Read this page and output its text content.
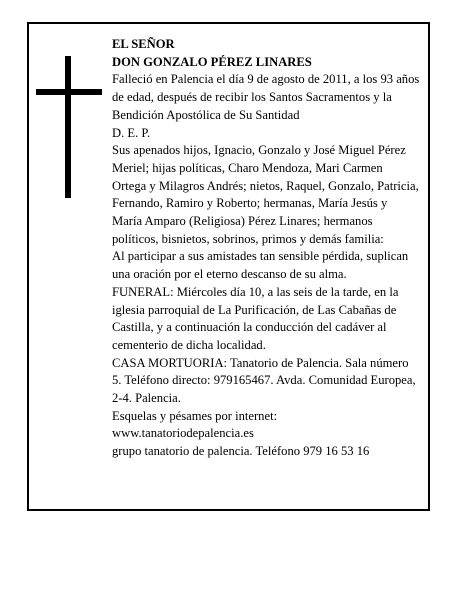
EL SEÑOR

DON GONZALO PÉREZ LINARES

Falleció en Palencia el día 9 de agosto de 2011, a los 93 años de edad, después de recibir los Santos Sacramentos y la Bendición Apostólica de Su Santidad

D. E. P.

Sus apenados hijos, Ignacio, Gonzalo y José Miguel Pérez Meriel; hijas políticas, Charo Mendoza, Mari Carmen Ortega y Milagros Andrés; nietos, Raquel, Gonzalo, Patricia, Fernando, Ramiro y Roberto; hermanas, María Jesús y María Amparo (Religiosa) Pérez Linares; hermanos políticos, bisnietos, sobrinos, primos y demás familia:

Al participar a sus amistades tan sensible pérdida, suplican una oración por el eterno descanso de su alma.

FUNERAL: Miércoles día 10, a las seis de la tarde, en la iglesia parroquial de La Purificación, de Las Cabañas de Castilla, y a continuación la conducción del cadáver al cementerio de dicha localidad.

CASA MORTUORIA: Tanatorio de Palencia. Sala número 5. Teléfono directo: 979165467. Avda. Comunidad Europea, 2-4. Palencia.

Esquelas y pésames por internet:

www.tanatoriodepalencia.es

grupo tanatorio de palencia. Teléfono 979 16 53 16
